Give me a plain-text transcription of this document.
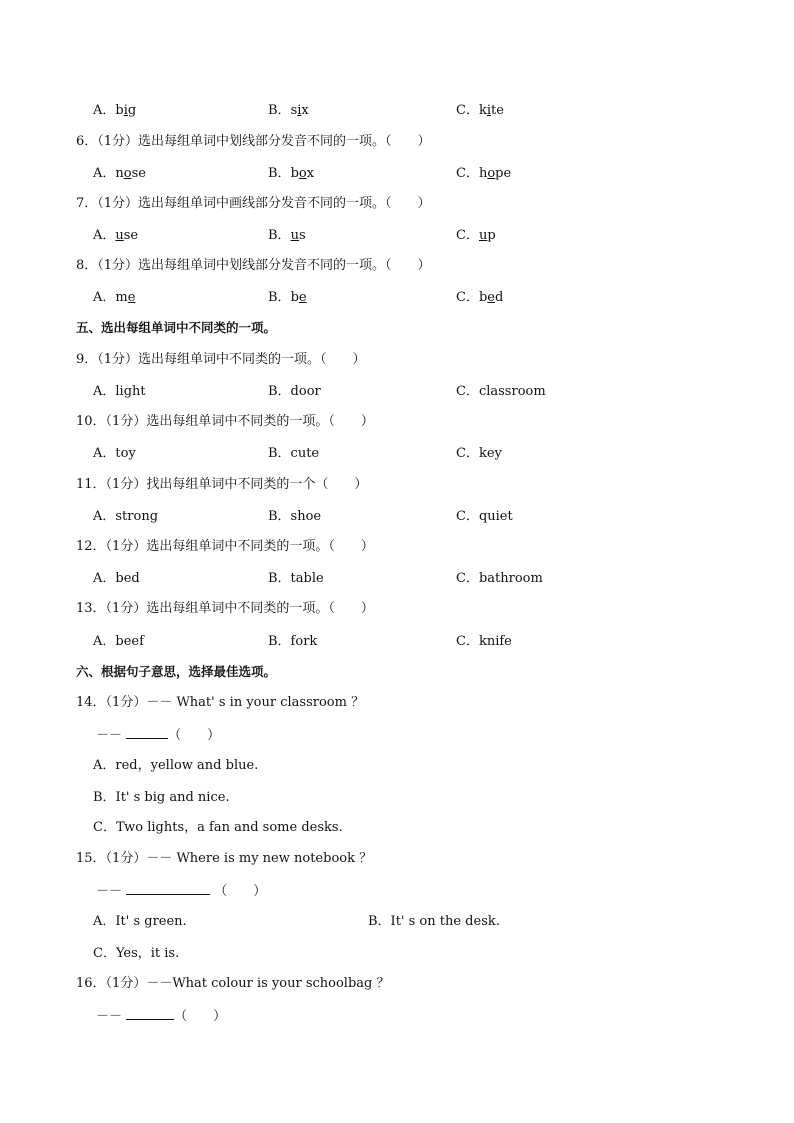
A．big	B．six	C．kite
6．（1分）选出每组单词中划线部分发音不同的一项。（　　）
A．nose	B．box	C．hope
7．（1分）选出每组单词中画线部分发音不同的一项。（　　）
A．use	B．us	C．up
8．（1分）选出每组单词中划线部分发音不同的一项。（　　）
A．me	B．be	C．bed
五、选出每组单词中不同类的一项。
9．（1分）选出每组单词中不同类的一项。（　　）
A．light	B．door	C．classroom
10．（1分）选出每组单词中不同类的一项。（　　）
A．toy	B．cute	C．key
11．（1分）找出每组单词中不同类的一个（　　）
A．strong	B．shoe	C．quiet
12．（1分）选出每组单词中不同类的一项。（　　）
A．bed	B．table	C．bathroom
13．（1分）选出每组单词中不同类的一项。（　　）
A．beef	B．fork	C．knife
六、根据句子意思，选择最佳选项。
14．（1分）－－ What' s in your classroom ？
－－	（　　）
A．red，yellow and blue.
B．It' s big and nice.
C．Two lights，a fan and some desks.
15．（1分）－－ Where is my new notebook ？
－－	（　　）
A．It' s green.	B．It' s on the desk.
C．Yes，it is.
16．（1分）－－What colour is your schoolbag ？
－－	（　　）
